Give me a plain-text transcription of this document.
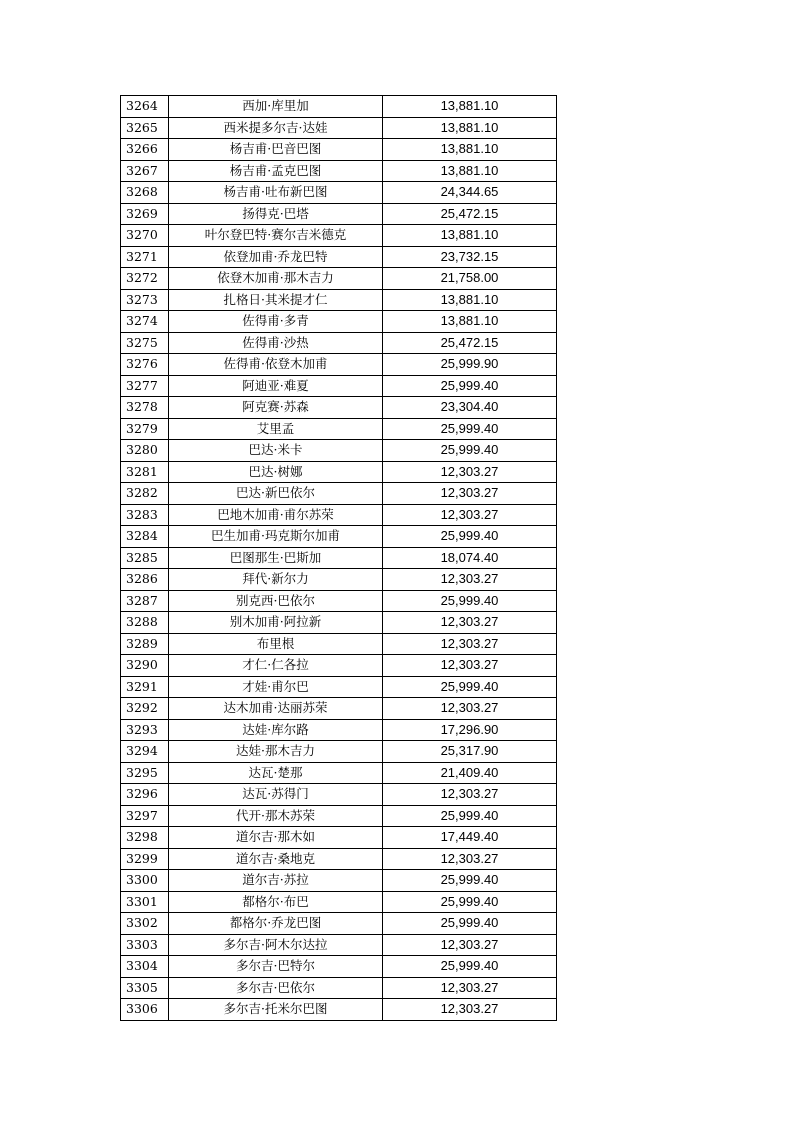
3264	西加·库里加	13,881.10
3265	西米提多尔吉·达娃	13,881.10
3266	杨吉甫·巴音巴图	13,881.10
3267	杨吉甫·孟克巴图	13,881.10
3268	杨吉甫·吐布新巴图	24,344.65
3269	扬得克·巴塔	25,472.15
3270	叶尔登巴特·赛尔吉米德克	13,881.10
3271	依登加甫·乔龙巴特	23,732.15
3272	依登木加甫·那木吉力	21,758.00
3273	扎格日·其米提才仁	13,881.10
3274	佐得甫·多青	13,881.10
3275	佐得甫·沙热	25,472.15
3276	佐得甫·依登木加甫	25,999.90
3277	阿迪亚·难夏	25,999.40
3278	阿克赛·苏森	23,304.40
3279	艾里孟	25,999.40
3280	巴达·米卡	25,999.40
3281	巴达·树娜	12,303.27
3282	巴达·新巴依尔	12,303.27
3283	巴地木加甫·甫尔苏荣	12,303.27
3284	巴生加甫·玛克斯尔加甫	25,999.40
3285	巴图那生·巴斯加	18,074.40
3286	拜代·新尔力	12,303.27
3287	别克西·巴依尔	25,999.40
3288	别木加甫·阿拉新	12,303.27
3289	布里根	12,303.27
3290	才仁·仁各拉	12,303.27
3291	才娃·甫尔巴	25,999.40
3292	达木加甫·达丽苏荣	12,303.27
3293	达娃·库尔路	17,296.90
3294	达娃·那木吉力	25,317.90
3295	达瓦·楚那	21,409.40
3296	达瓦·苏得门	12,303.27
3297	代开·那木苏荣	25,999.40
3298	道尔吉·那木如	17,449.40
3299	道尔吉·桑地克	12,303.27
3300	道尔吉·苏拉	25,999.40
3301	都格尔·布巴	25,999.40
3302	都格尔·乔龙巴图	25,999.40
3303	多尔吉·阿木尔达拉	12,303.27
3304	多尔吉·巴特尔	25,999.40
3305	多尔吉·巴依尔	12,303.27
3306	多尔吉·托米尔巴图	12,303.27
